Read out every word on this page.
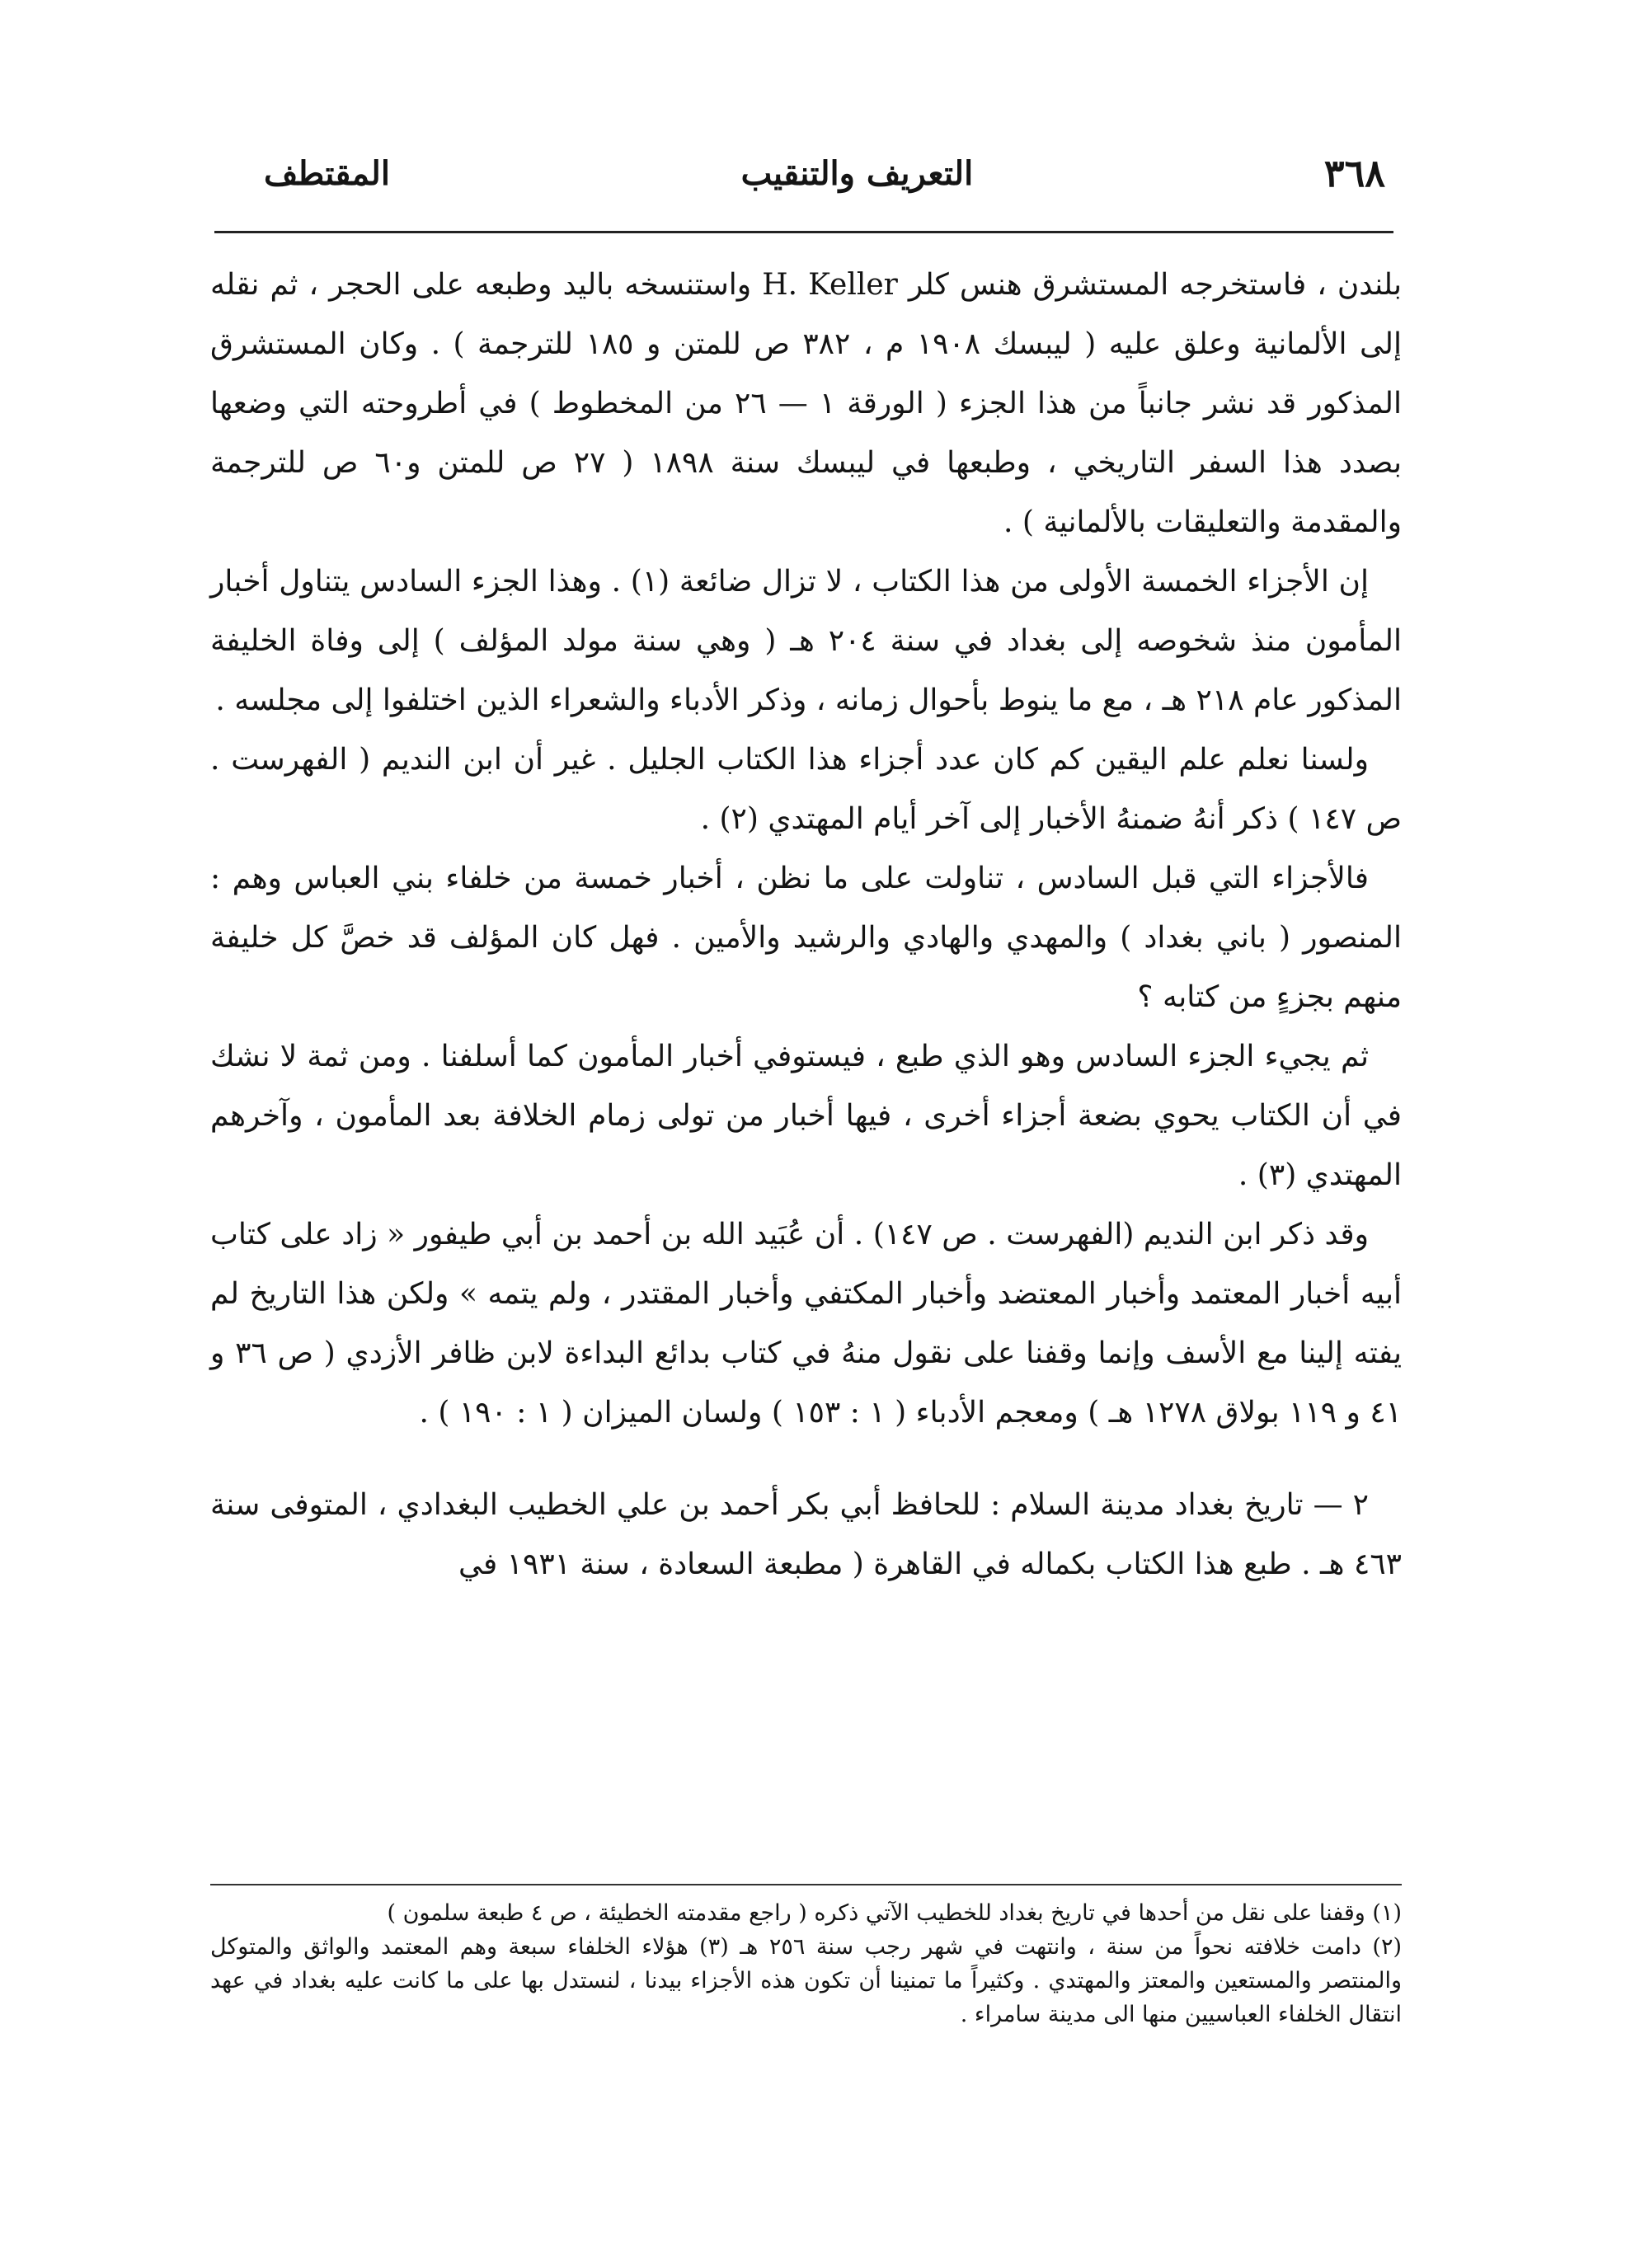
٣٦٨
التعريف والتنقيب
المقتطف

بلندن ، فاستخرجه المستشرق هنس كلر H. Keller واستنسخه باليد وطبعه على الحجر ، ثم نقله إلى الألمانية وعلق عليه ( ليبسك ١٩٠٨ م ، ٣٨٢ ص للمتن و ١٨٥ للترجمة ) . وكان المستشرق المذكور قد نشر جانباً من هذا الجزء ( الورقة ١ — ٢٦ من المخطوط ) في أطروحته التي وضعها بصدد هذا السفر التاريخي ، وطبعها في ليبسك سنة ١٨٩٨ ( ٢٧ ص للمتن و٦٠ ص للترجمة والمقدمة والتعليقات بالألمانية ) .

إن الأجزاء الخمسة الأولى من هذا الكتاب ، لا تزال ضائعة (١) . وهذا الجزء السادس يتناول أخبار المأمون منذ شخوصه إلى بغداد في سنة ٢٠٤ هـ ( وهي سنة مولد المؤلف ) إلى وفاة الخليفة المذكور عام ٢١٨ هـ ، مع ما ينوط بأحوال زمانه ، وذكر الأدباء والشعراء الذين اختلفوا إلى مجلسه .

ولسنا نعلم علم اليقين كم كان عدد أجزاء هذا الكتاب الجليل . غير أن ابن النديم ( الفهرست . ص ١٤٧ ) ذكر أنهُ ضمنهُ الأخبار إلى آخر أيام المهتدي (٢) .

فالأجزاء التي قبل السادس ، تناولت على ما نظن ، أخبار خمسة من خلفاء بني العباس وهم : المنصور ( باني بغداد ) والمهدي والهادي والرشيد والأمين . فهل كان المؤلف قد خصَّ كل خليفة منهم بجزءٍ من كتابه ؟

ثم يجيء الجزء السادس وهو الذي طبع ، فيستوفي أخبار المأمون كما أسلفنا . ومن ثمة لا نشك في أن الكتاب يحوي بضعة أجزاء أخرى ، فيها أخبار من تولى زمام الخلافة بعد المأمون ، وآخرهم المهتدي (٣) .

وقد ذكر ابن النديم (الفهرست . ص ١٤٧) . أن عُبَيد الله بن أحمد بن أبي طيفور « زاد على كتاب أبيه أخبار المعتمد وأخبار المعتضد وأخبار المكتفي وأخبار المقتدر ، ولم يتمه » ولكن هذا التاريخ لم يفته إلينا مع الأسف وإنما وقفنا على نقول منهُ في كتاب بدائع البداءة لابن ظافر الأزدي ( ص ٣٦ و ٤١ و ١١٩ بولاق ١٢٧٨ هـ ) ومعجم الأدباء ( ١ : ١٥٣ ) ولسان الميزان ( ١ : ١٩٠ ) .

٢ — تاريخ بغداد مدينة السلام : للحافظ أبي بكر أحمد بن علي الخطيب البغدادي ، المتوفى سنة ٤٦٣ هـ . طبع هذا الكتاب بكماله في القاهرة ( مطبعة السعادة ، سنة ١٩٣١ في

(١) وقفنا على نقل من أحدها في تاريخ بغداد للخطيب الآتي ذكره ( راجع مقدمته الخطيئة ، ص ٤ طبعة سلمون )

(٢) دامت خلافته نحواً من سنة ، وانتهت في شهر رجب سنة ٢٥٦ هـ (٣) هؤلاء الخلفاء سبعة وهم المعتمد والواثق والمتوكل والمنتصر والمستعين والمعتز والمهتدي . وكثيراً ما تمنينا أن تكون هذه الأجزاء بيدنا ، لنستدل بها على ما كانت عليه بغداد في عهد انتقال الخلفاء العباسيين منها الى مدينة سامراء .
